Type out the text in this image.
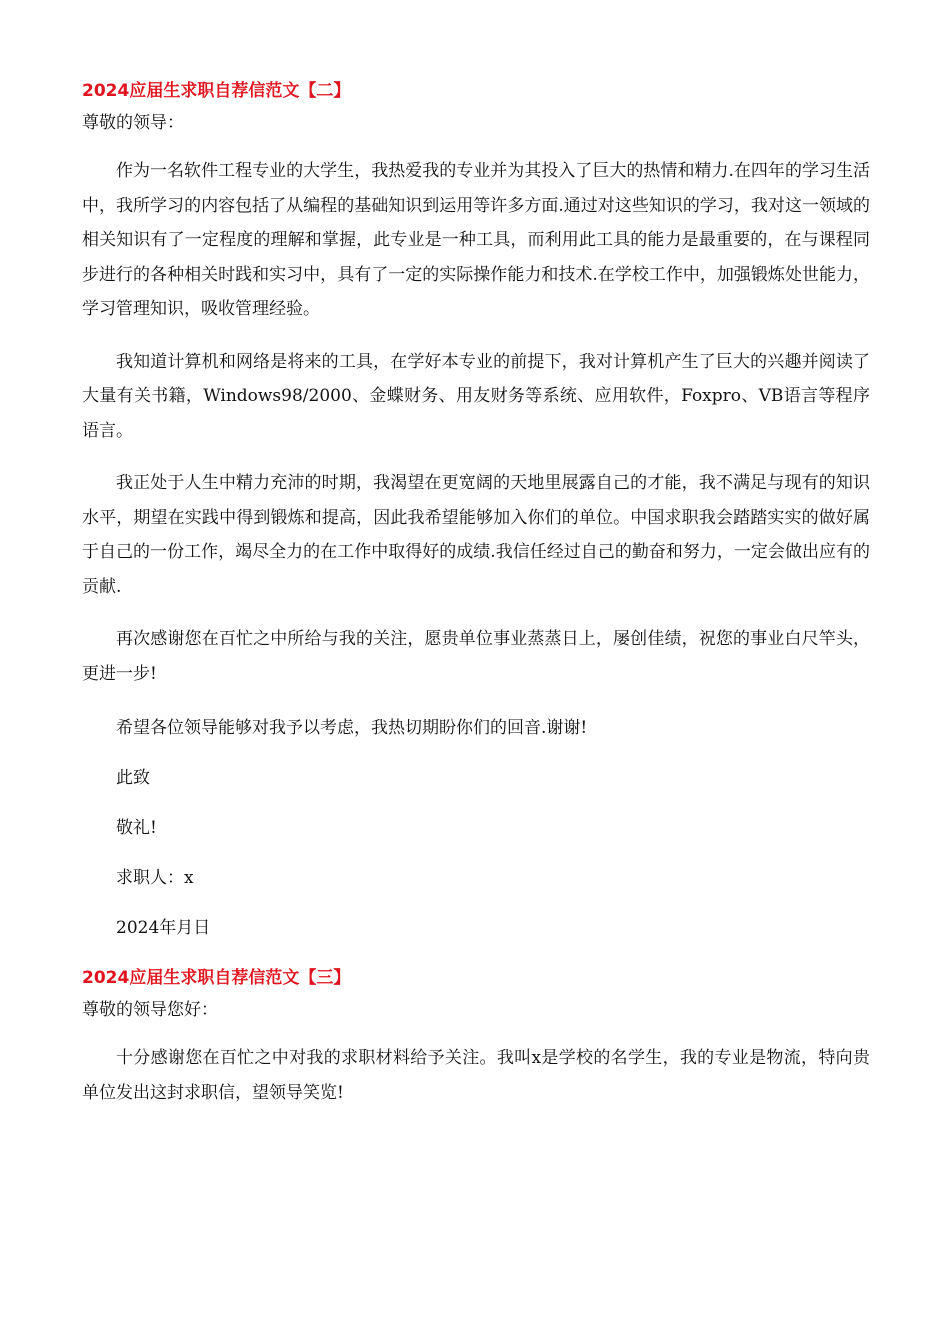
2024应届生求职自荐信范文【二】

尊敬的领导：

作为一名软件工程专业的大学生，我热爱我的专业并为其投入了巨大的热情和精力.在四年的学习生活中，我所学习的内容包括了从编程的基础知识到运用等许多方面.通过对这些知识的学习，我对这一领域的相关知识有了一定程度的理解和掌握，此专业是一种工具，而利用此工具的能力是最重要的，在与课程同步进行的各种相关时践和实习中，具有了一定的实际操作能力和技术.在学校工作中，加强锻炼处世能力，学习管理知识，吸收管理经验。

我知道计算机和网络是将来的工具，在学好本专业的前提下，我对计算机产生了巨大的兴趣并阅读了大量有关书籍，Windows98/2000、金蝶财务、用友财务等系统、应用软件，Foxpro、VB语言等程序语言。

我正处于人生中精力充沛的时期，我渴望在更宽阔的天地里展露自己的才能，我不满足与现有的知识水平，期望在实践中得到锻炼和提高，因此我希望能够加入你们的单位。中国求职我会踏踏实实的做好属于自己的一份工作，竭尽全力的在工作中取得好的成绩.我信任经过自己的勤奋和努力，一定会做出应有的贡献.

再次感谢您在百忙之中所给与我的关注，愿贵单位事业蒸蒸日上，屡创佳绩，祝您的事业白尺竿头，更进一步!

希望各位领导能够对我予以考虑，我热切期盼你们的回音.谢谢!

此致

敬礼!

求职人：x

2024年月日

2024应届生求职自荐信范文【三】

尊敬的领导您好：

十分感谢您在百忙之中对我的求职材料给予关注。我叫x是学校的名学生，我的专业是物流，特向贵单位发出这封求职信，望领导笑览!
